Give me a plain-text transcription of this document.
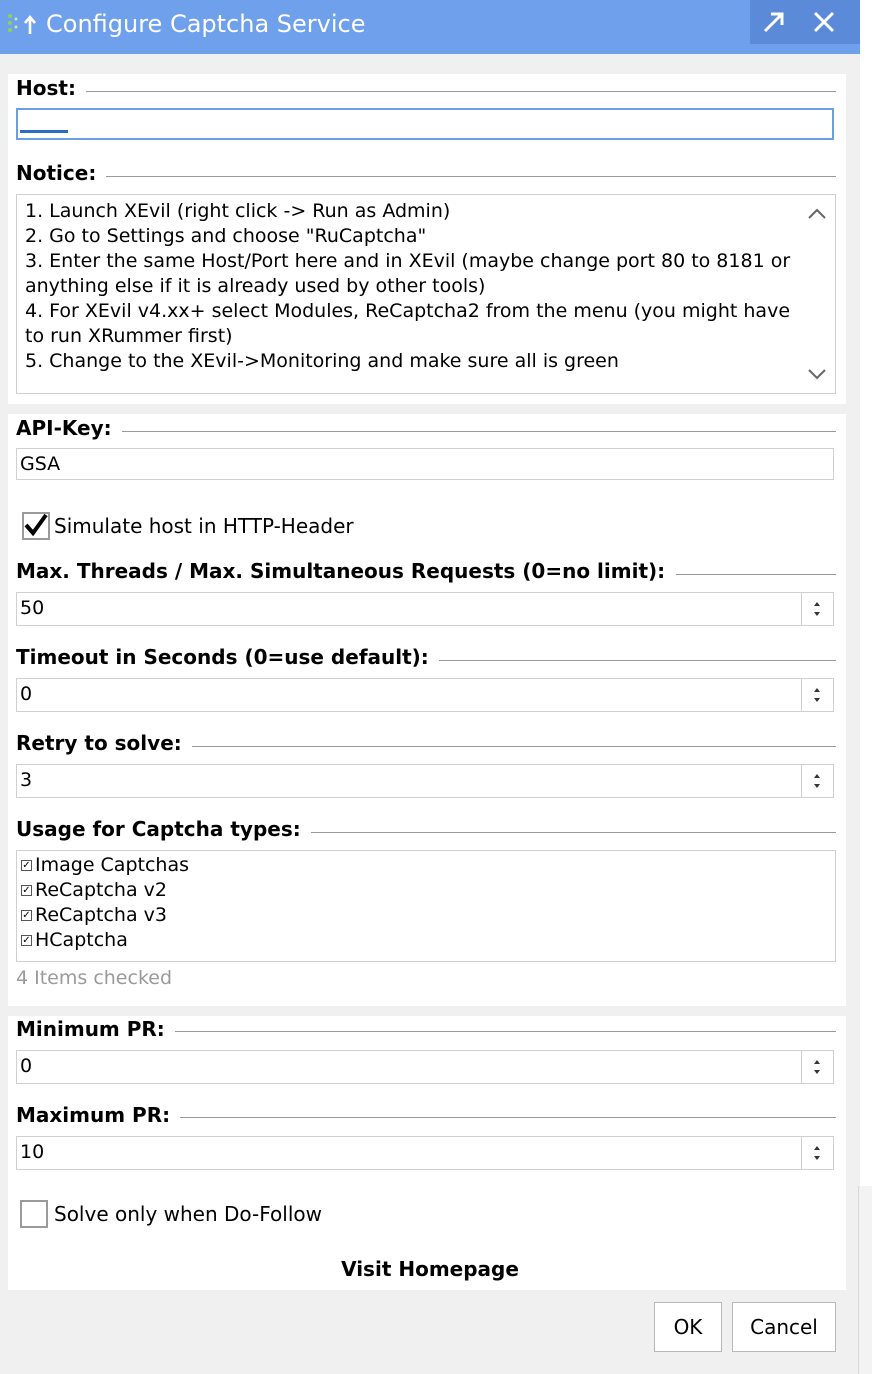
Configure Captcha Service
Host:
Notice:
1. Launch XEvil (right click -> Run as Admin)
2. Go to Settings and choose "RuCaptcha"
3. Enter the same Host/Port here and in XEvil (maybe change port 80 to 8181 or
anything else if it is already used by other tools)
4. For XEvil v4.xx+ select Modules, ReCaptcha2 from the menu (you might have
to run XRummer first)
5. Change to the XEvil->Monitoring and make sure all is green
API-Key:
GSA
Simulate host in HTTP-Header
Max. Threads / Max. Simultaneous Requests (0=no limit):
50
Timeout in Seconds (0=use default):
0
Retry to solve:
3
Usage for Captcha types:
✓ Image Captchas
✓ ReCaptcha v2
✓ ReCaptcha v3
✓ HCaptcha
4 Items checked
Minimum PR:
0
Maximum PR:
10
Solve only when Do-Follow
Visit Homepage
OK	Cancel
